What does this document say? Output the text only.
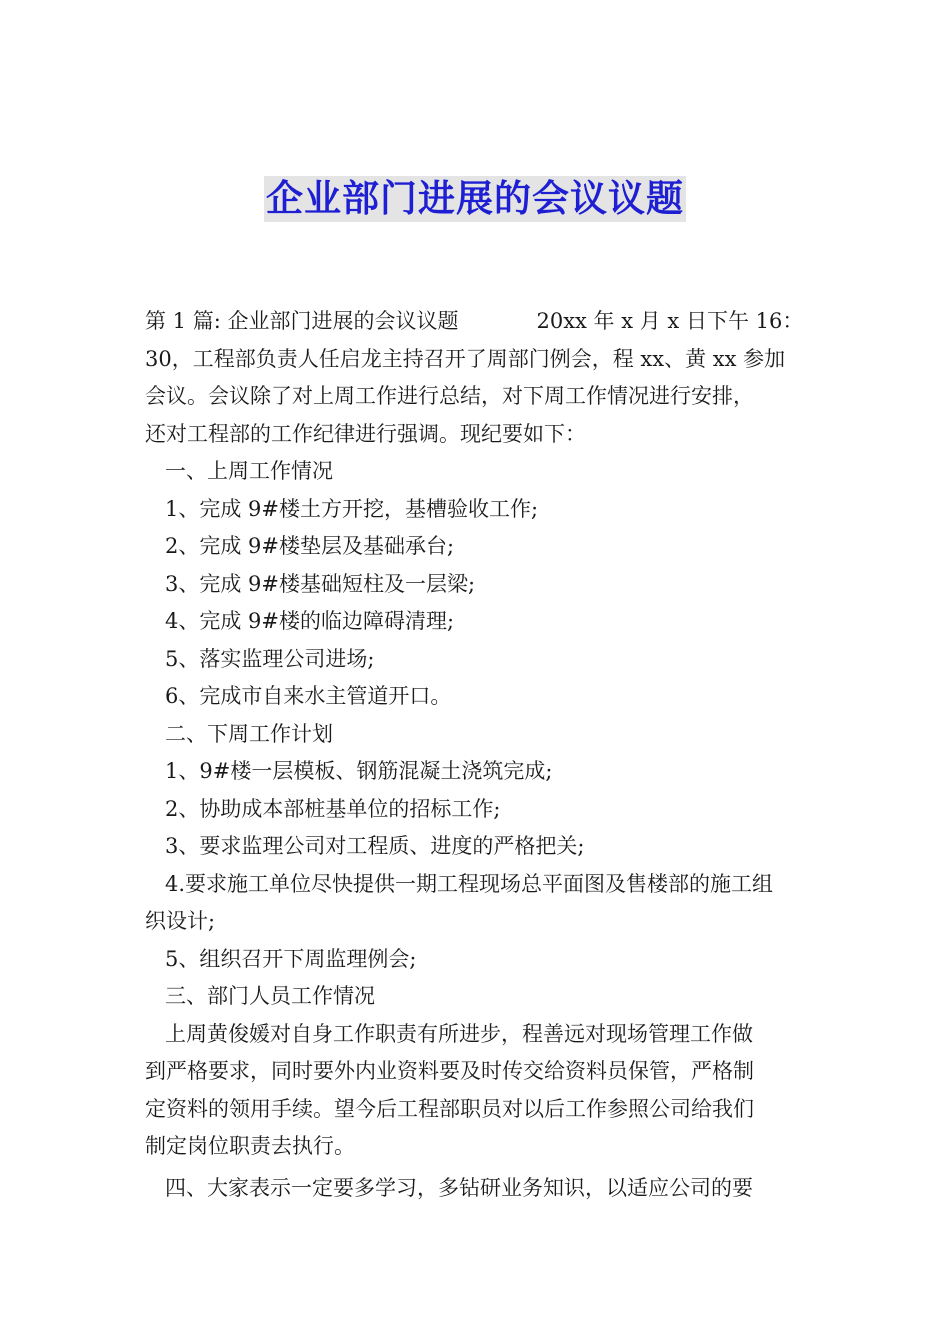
企业部门进展的会议议题
第 1 篇: 企业部门进展的会议议题	20xx 年 x 月 x 日下午 16：
30，工程部负责人任启龙主持召开了周部门例会，程 xx、黄 xx 参加
会议。会议除了对上周工作进行总结，对下周工作情况进行安排，
还对工程部的工作纪律进行强调。现纪要如下：
一、上周工作情况
1、完成 9#楼土方开挖，基槽验收工作;
2、完成 9#楼垫层及基础承台;
3、完成 9#楼基础短柱及一层梁;
4、完成 9#楼的临边障碍清理;
5、落实监理公司进场;
6、完成市自来水主管道开口。
二、下周工作计划
1、9#楼一层模板、钢筋混凝土浇筑完成;
2、协助成本部桩基单位的招标工作;
3、要求监理公司对工程质、进度的严格把关;
4.要求施工单位尽快提供一期工程现场总平面图及售楼部的施工组
织设计;
5、组织召开下周监理例会;
三、部门人员工作情况
上周黄俊媛对自身工作职责有所进步，程善远对现场管理工作做
到严格要求，同时要外内业资料要及时传交给资料员保管，严格制
定资料的领用手续。望今后工程部职员对以后工作参照公司给我们
制定岗位职责去执行。
四、大家表示一定要多学习，多钻研业务知识，以适应公司的要
